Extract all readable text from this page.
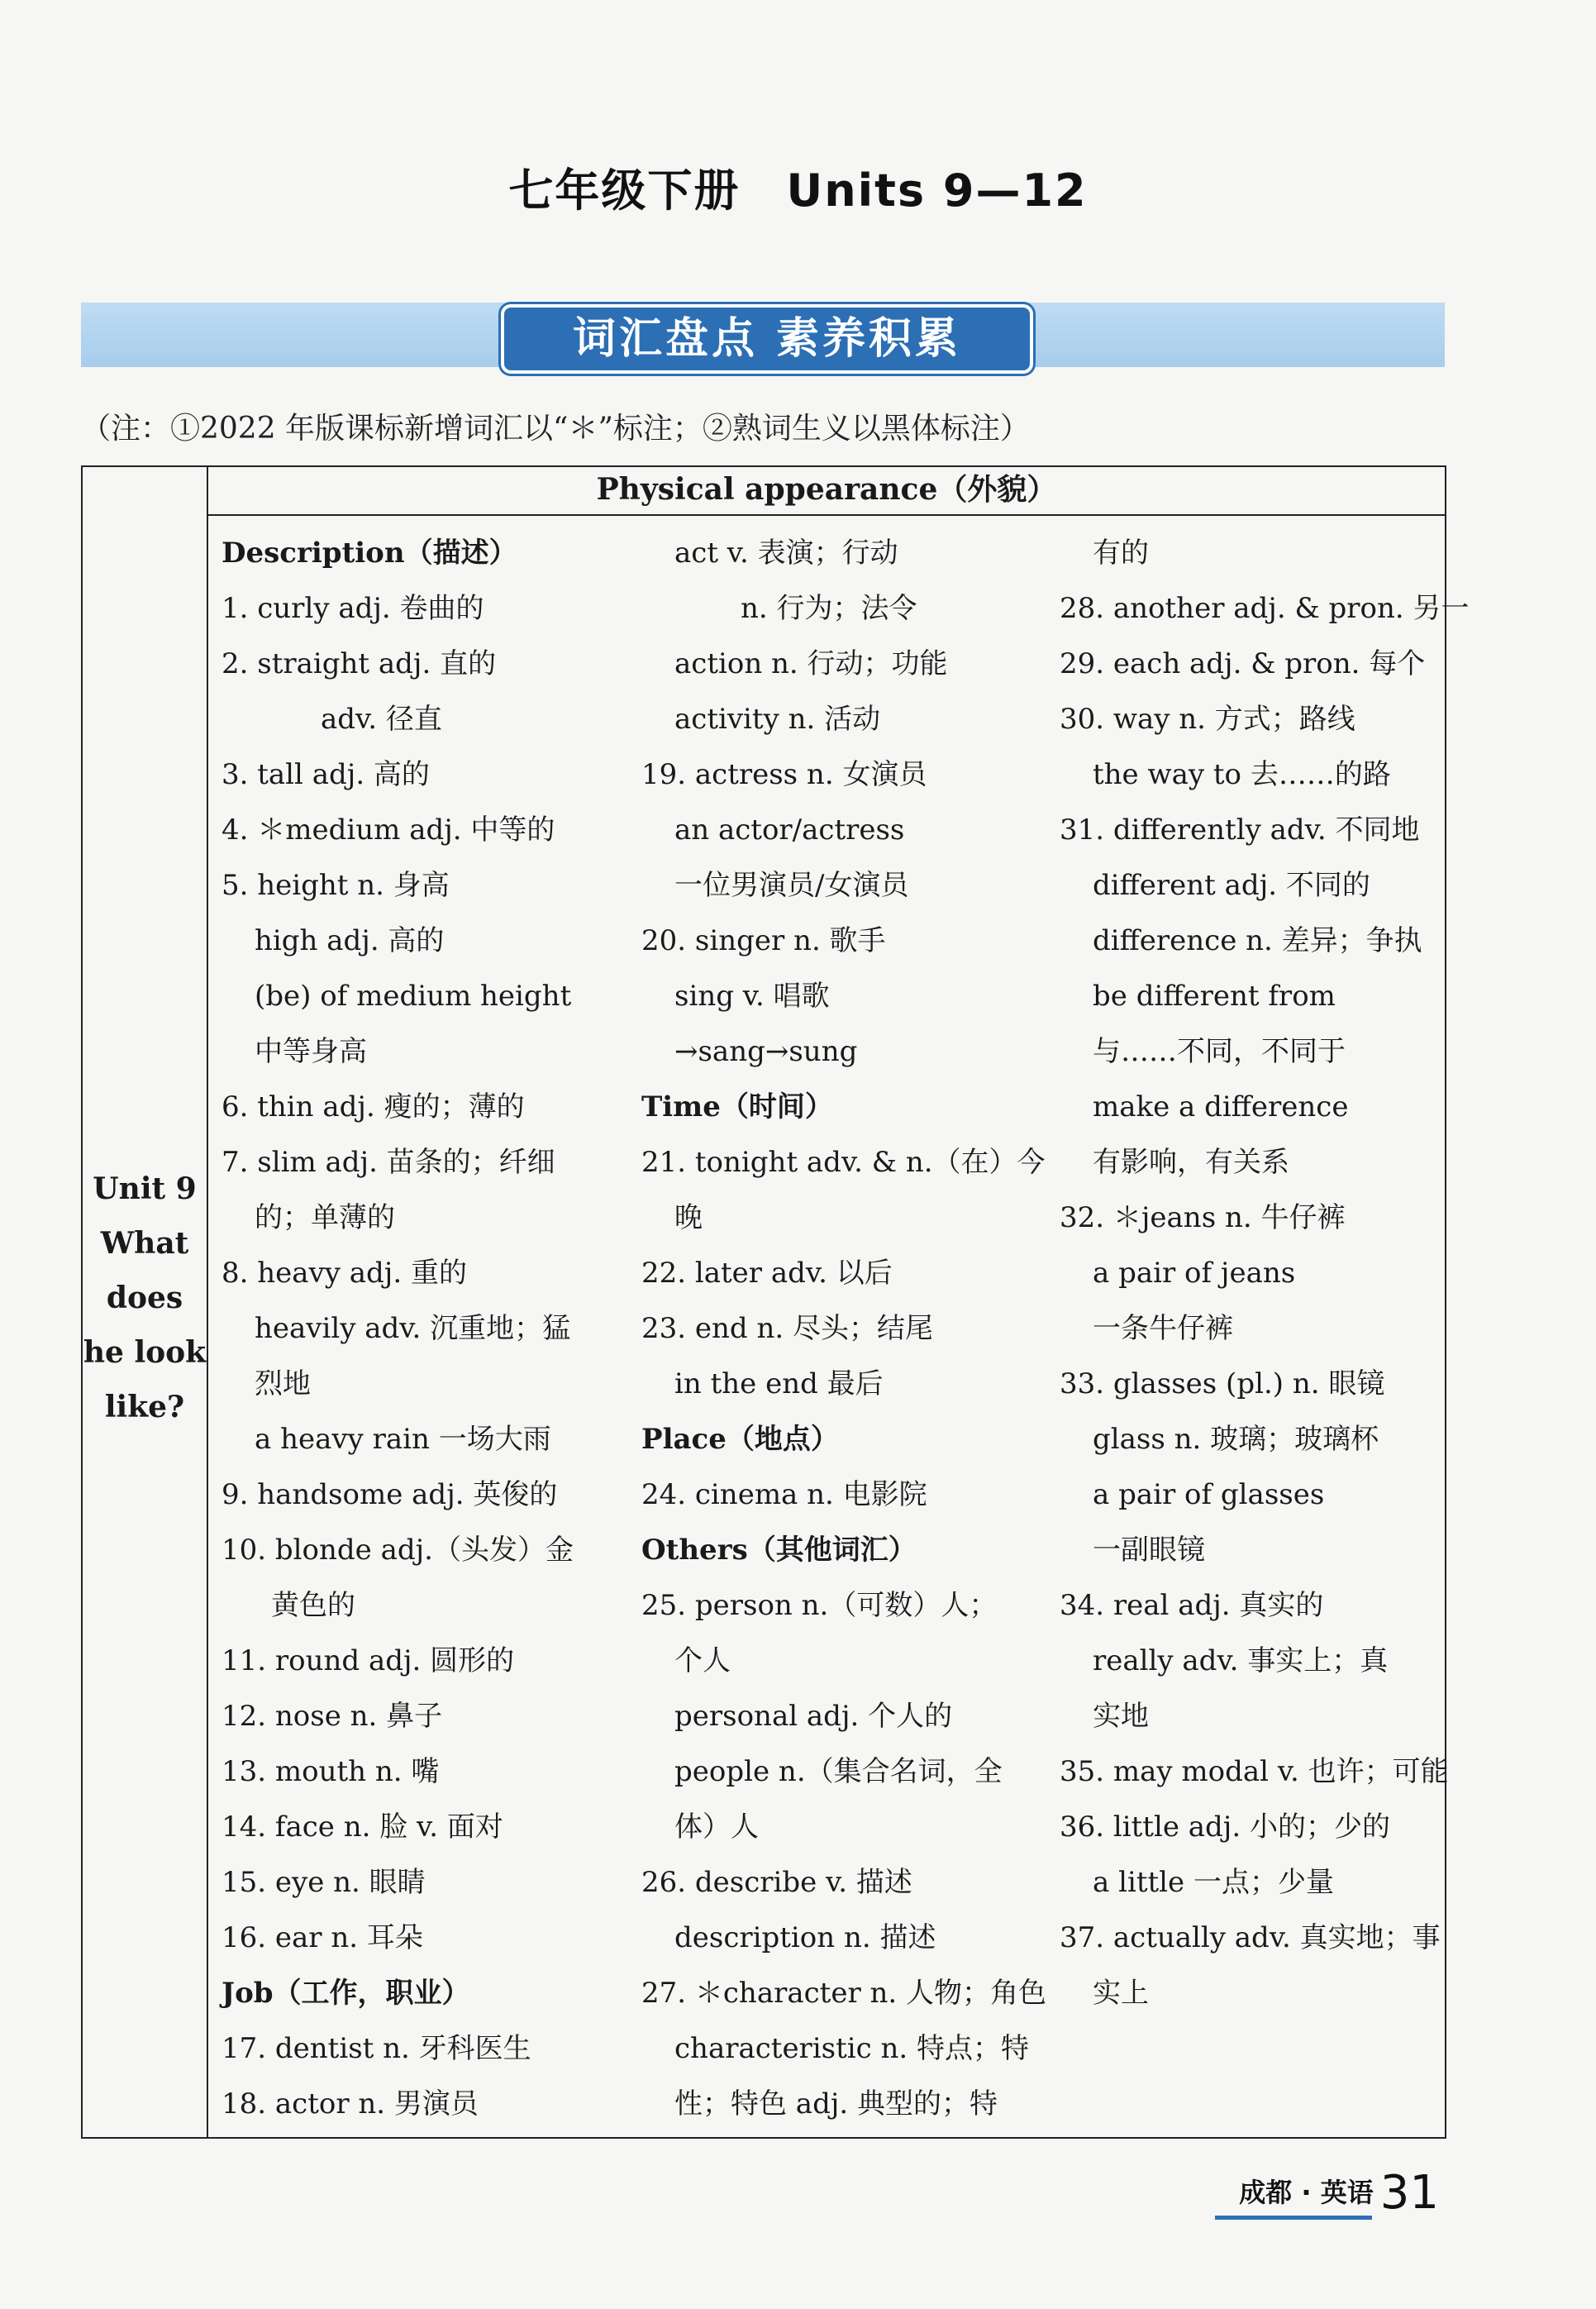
七年级下册　Units 9—12
词汇盘点 素养积累
（注：①2022 年版课标新增词汇以“＊”标注；②熟词生义以黑体标注）
Physical appearance（外貌）
Unit 9
What
does
he look
like?
Description（描述）
1. curly adj. 卷曲的
2. straight adj. 直的
adv. 径直
3. tall adj. 高的
4. ＊medium adj. 中等的
5. height n. 身高
high adj. 高的
(be) of medium height
中等身高
6. thin adj. 瘦的；薄的
7. slim adj. 苗条的；纤细
的；单薄的
8. heavy adj. 重的
heavily adv. 沉重地；猛
烈地
a heavy rain 一场大雨
9. handsome adj. 英俊的
10. blonde adj.（头发）金
黄色的
11. round adj. 圆形的
12. nose n. 鼻子
13. mouth n. 嘴
14. face n. 脸 v. 面对
15. eye n. 眼睛
16. ear n. 耳朵
Job（工作，职业）
17. dentist n. 牙科医生
18. actor n. 男演员
act v. 表演；行动
n. 行为；法令
action n. 行动；功能
activity n. 活动
19. actress n. 女演员
an actor/actress
一位男演员/女演员
20. singer n. 歌手
sing v. 唱歌
→sang→sung
Time（时间）
21. tonight adv. & n.（在）今
晚
22. later adv. 以后
23. end n. 尽头；结尾
in the end 最后
Place（地点）
24. cinema n. 电影院
Others（其他词汇）
25. person n.（可数）人；
个人
personal adj. 个人的
people n.（集合名词，全
体）人
26. describe v. 描述
description n. 描述
27. ＊character n. 人物；角色
characteristic n. 特点；特
性；特色 adj. 典型的；特
有的
28. another adj. & pron. 另一
29. each adj. & pron. 每个
30. way n. 方式；路线
the way to 去……的路
31. differently adv. 不同地
different adj. 不同的
difference n. 差异；争执
be different from
与……不同，不同于
make a difference
有影响，有关系
32. ＊jeans n. 牛仔裤
a pair of jeans
一条牛仔裤
33. glasses (pl.) n. 眼镜
glass n. 玻璃；玻璃杯
a pair of glasses
一副眼镜
34. real adj. 真实的
really adv. 事实上；真
实地
35. may modal v. 也许；可能
36. little adj. 小的；少的
a little 一点；少量
37. actually adv. 真实地；事
实上
成都 · 英语 31
